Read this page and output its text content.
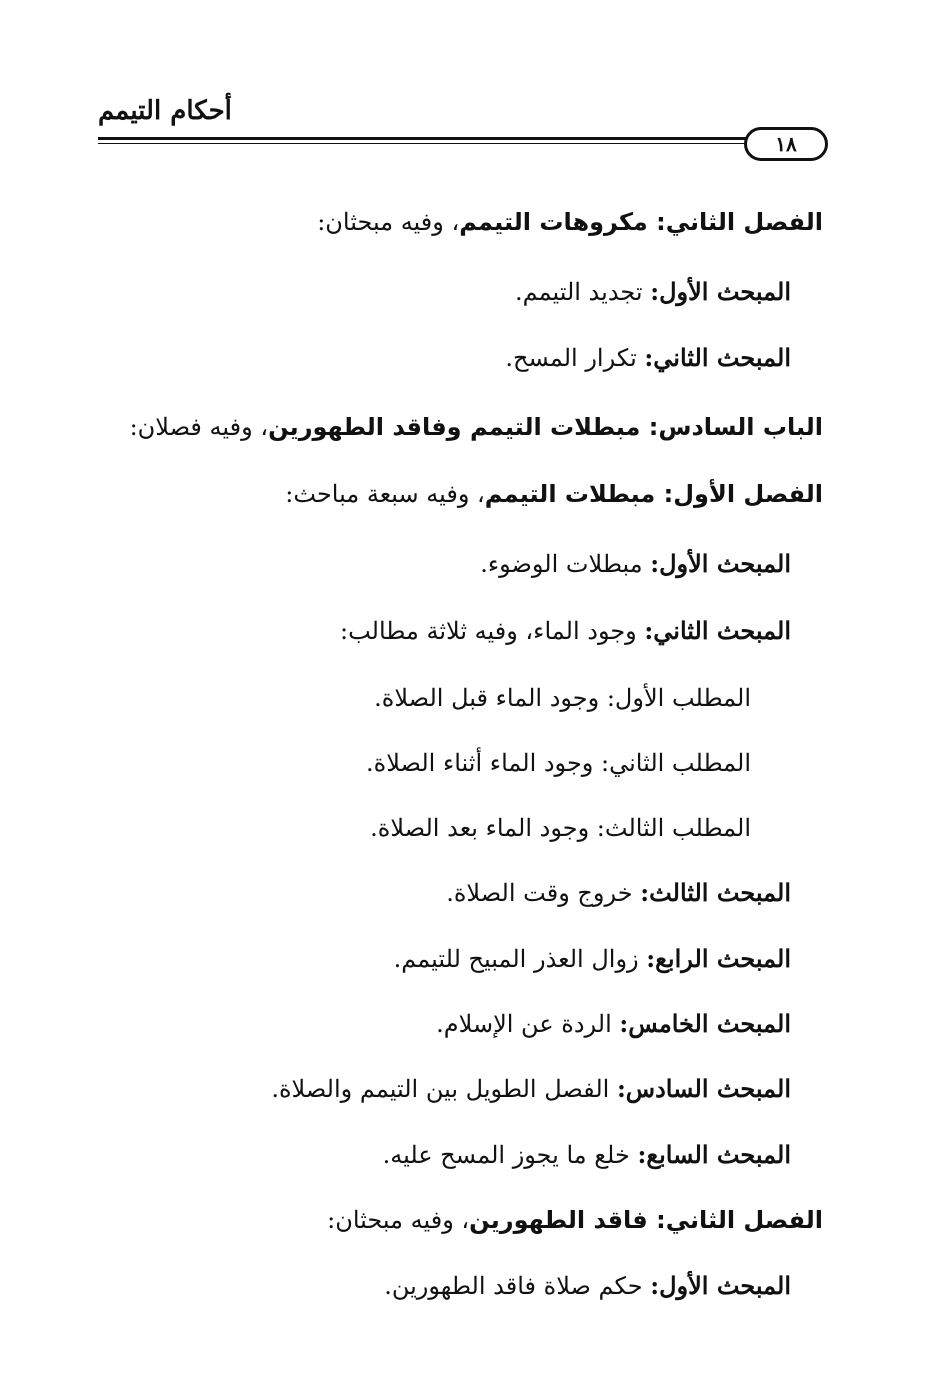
أحكام التيمم
١٨
الفصل الثاني: مكروهات التيمم، وفيه مبحثان:
المبحث الأول: تجديد التيمم.
المبحث الثاني: تكرار المسح.
الباب السادس: مبطلات التيمم وفاقد الطهورين، وفيه فصلان:
الفصل الأول: مبطلات التيمم، وفيه سبعة مباحث:
المبحث الأول: مبطلات الوضوء.
المبحث الثاني: وجود الماء، وفيه ثلاثة مطالب:
المطلب الأول: وجود الماء قبل الصلاة.
المطلب الثاني: وجود الماء أثناء الصلاة.
المطلب الثالث: وجود الماء بعد الصلاة.
المبحث الثالث: خروج وقت الصلاة.
المبحث الرابع: زوال العذر المبيح للتيمم.
المبحث الخامس: الردة عن الإسلام.
المبحث السادس: الفصل الطويل بين التيمم والصلاة.
المبحث السابع: خلع ما يجوز المسح عليه.
الفصل الثاني: فاقد الطهورين، وفيه مبحثان:
المبحث الأول: حكم صلاة فاقد الطهورين.
